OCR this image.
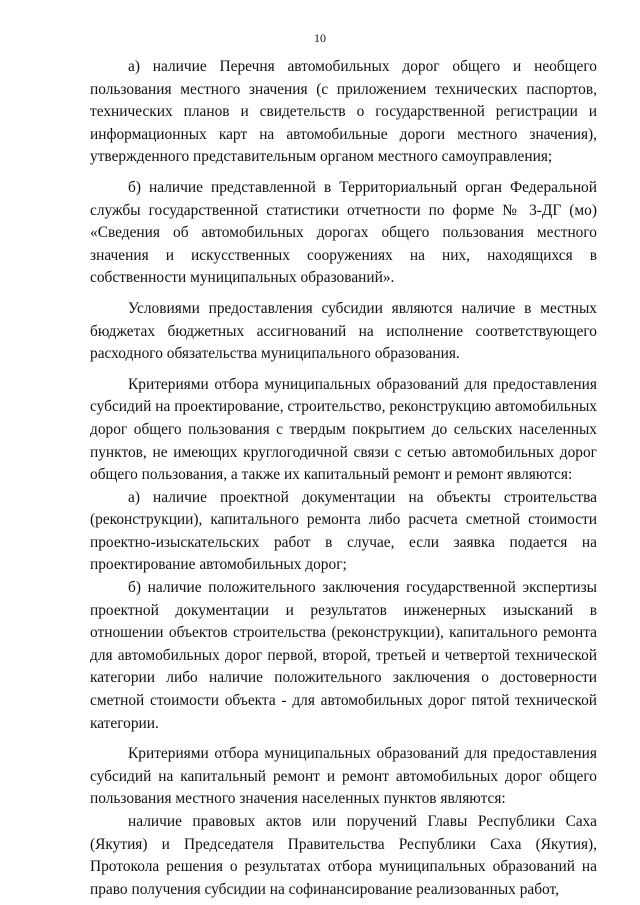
10

а) наличие Перечня автомобильных дорог общего и необщего пользования местного значения (с приложением технических паспортов, технических планов и свидетельств о государственной регистрации и информационных карт на автомобильные дороги местного значения), утвержденного представительным органом местного самоуправления;

б) наличие представленной в Территориальный орган Федеральной службы государственной статистики отчетности по форме № 3-ДГ (мо) «Сведения об автомобильных дорогах общего пользования местного значения и искусственных сооружениях на них, находящихся в собственности муниципальных образований».

Условиями предоставления субсидии являются наличие в местных бюджетах бюджетных ассигнований на исполнение соответствующего расходного обязательства муниципального образования.

Критериями отбора муниципальных образований для предоставления субсидий на проектирование, строительство, реконструкцию автомобильных дорог общего пользования с твердым покрытием до сельских населенных пунктов, не имеющих круглогодичной связи с сетью автомобильных дорог общего пользования, а также их капитальный ремонт и ремонт являются:

а) наличие проектной документации на объекты строительства (реконструкции), капитального ремонта либо расчета сметной стоимости проектно-изыскательских работ в случае, если заявка подается на проектирование автомобильных дорог;

б) наличие положительного заключения государственной экспертизы проектной документации и результатов инженерных изысканий в отношении объектов строительства (реконструкции), капитального ремонта для автомобильных дорог первой, второй, третьей и четвертой технической категории либо наличие положительного заключения о достоверности сметной стоимости объекта - для автомобильных дорог пятой технической категории.

Критериями отбора муниципальных образований для предоставления субсидий на капитальный ремонт и ремонт автомобильных дорог общего пользования местного значения населенных пунктов являются:

наличие правовых актов или поручений Главы Республики Саха (Якутия) и Председателя Правительства Республики Саха (Якутия), Протокола решения о результатах отбора муниципальных образований на право получения субсидии на софинансирование реализованных работ,
